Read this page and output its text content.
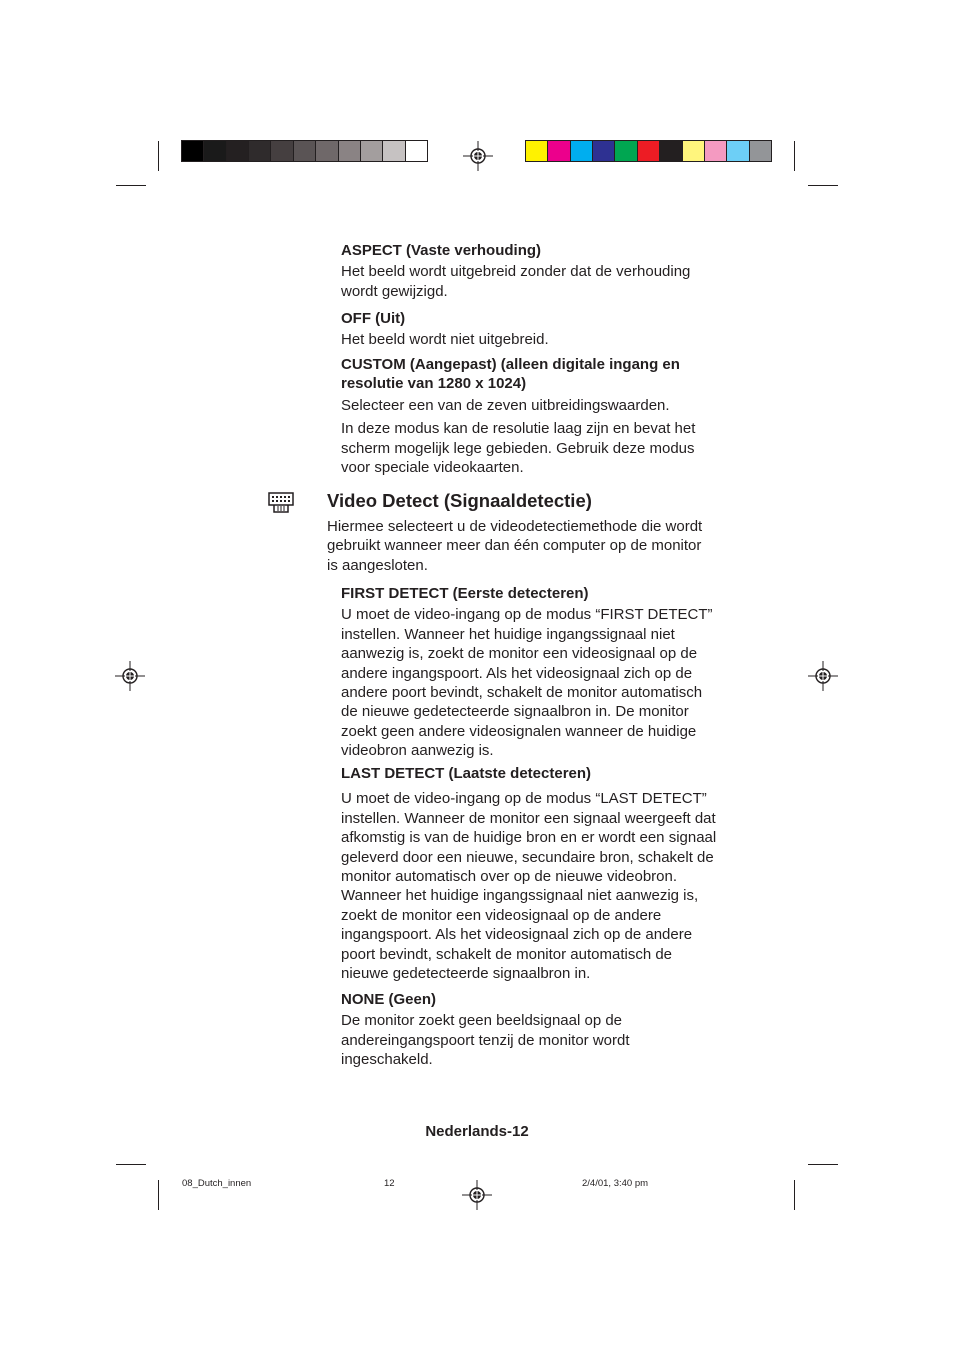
ASPECT (Vaste verhouding)

Het beeld wordt uitgebreid zonder dat de verhouding

wordt gewijzigd.

OFF (Uit)

Het beeld wordt niet uitgebreid.

CUSTOM (Aangepast) (alleen digitale ingang en

resolutie van 1280 x 1024)

Selecteer een van de zeven uitbreidingswaarden.

In deze modus kan de resolutie laag zijn en bevat het

scherm mogelijk lege gebieden. Gebruik deze modus

voor speciale videokaarten.

Video Detect (Signaaldetectie)

Hiermee selecteert u de videodetectiemethode die wordt

gebruikt wanneer meer dan één computer op de monitor

is aangesloten.

FIRST DETECT (Eerste detecteren)

U moet de video-ingang op de modus “FIRST DETECT”

instellen. Wanneer het huidige ingangssignaal niet

aanwezig is, zoekt de monitor een videosignaal op de

andere ingangspoort. Als het videosignaal zich op de

andere poort bevindt, schakelt de monitor automatisch

de nieuwe gedetecteerde signaalbron in. De monitor

zoekt geen andere videosignalen wanneer de huidige

videobron aanwezig is.

LAST DETECT (Laatste detecteren)

U moet de video-ingang op de modus “LAST DETECT”

instellen. Wanneer de monitor een signaal weergeeft dat

afkomstig is van de huidige bron en er wordt een signaal

geleverd door een nieuwe, secundaire bron, schakelt de

monitor automatisch over op de nieuwe videobron.

Wanneer het huidige ingangssignaal niet aanwezig is,

zoekt de monitor een videosignaal op de andere

ingangspoort. Als het videosignaal zich op de andere

poort bevindt, schakelt de monitor automatisch de

nieuwe gedetecteerde signaalbron in.

NONE (Geen)

De monitor zoekt geen beeldsignaal op de

andereingangspoort tenzij de monitor wordt

ingeschakeld.

Nederlands-12
08_Dutch_innen	12	2/4/01, 3:40 pm
